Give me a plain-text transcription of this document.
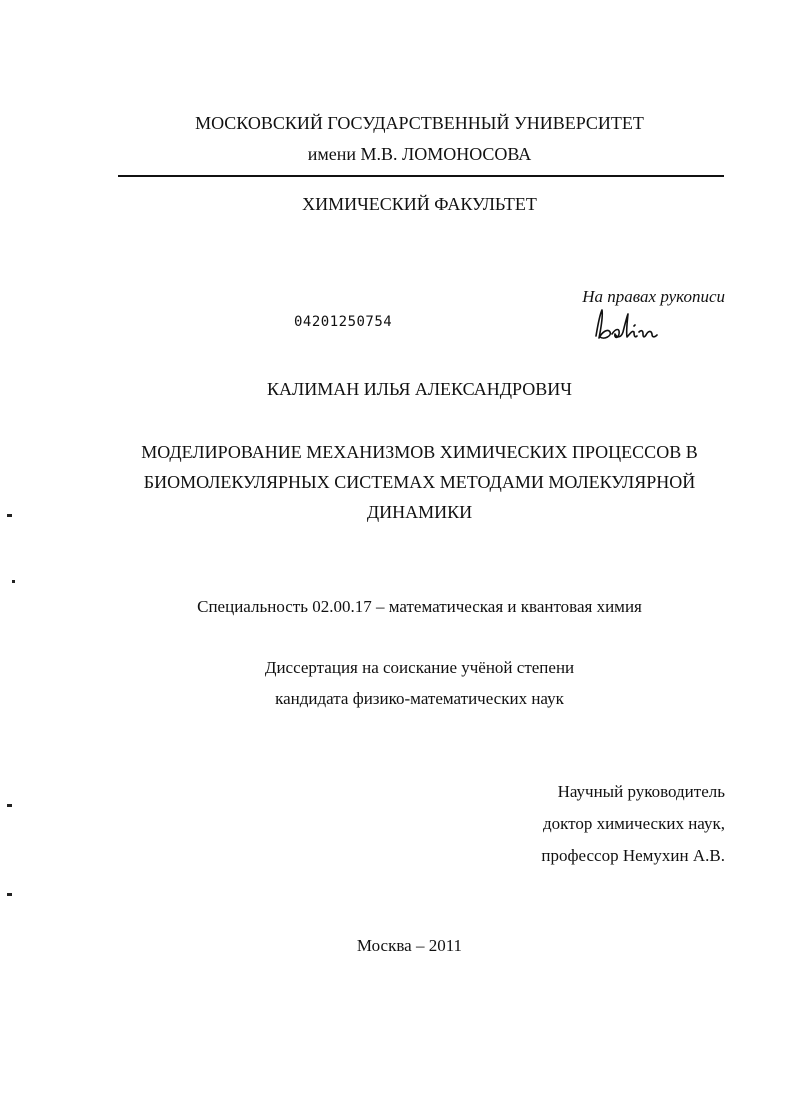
МОСКОВСКИЙ ГОСУДАРСТВЕННЫЙ УНИВЕРСИТЕТ
имени М.В. ЛОМОНОСОВА
ХИМИЧЕСКИЙ ФАКУЛЬТЕТ
На правах рукописи
04201250754
КАЛИМАН ИЛЬЯ АЛЕКСАНДРОВИЧ
МОДЕЛИРОВАНИЕ МЕХАНИЗМОВ ХИМИЧЕСКИХ ПРОЦЕССОВ В
БИОМОЛЕКУЛЯРНЫХ СИСТЕМАХ МЕТОДАМИ МОЛЕКУЛЯРНОЙ
ДИНАМИКИ
Специальность 02.00.17 – математическая и квантовая химия
Диссертация на соискание учёной степени
кандидата физико-математических наук
Научный руководитель
доктор химических наук,
профессор Немухин А.В.
Москва – 2011
